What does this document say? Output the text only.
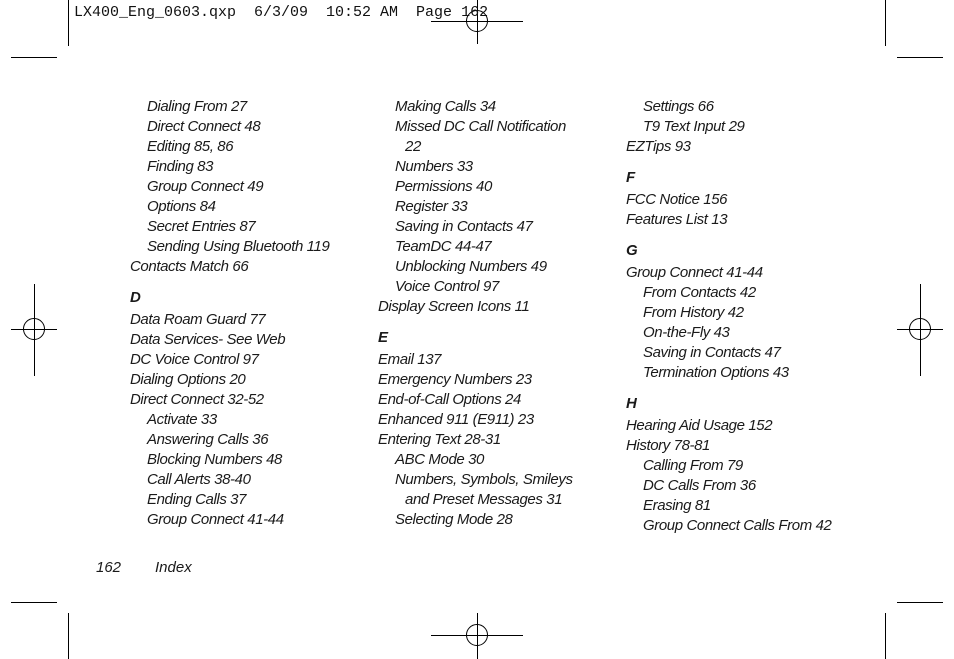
LX400_Eng_0603.qxp  6/3/09  10:52 AM  Page 162
Dialing From 27
Direct Connect 48
Editing 85, 86
Finding 83
Group Connect 49
Options 84
Secret Entries 87
Sending Using Bluetooth 119
Contacts Match 66
D
Data Roam Guard 77
Data Services- See Web
DC Voice Control 97
Dialing Options 20
Direct Connect 32-52
Activate 33
Answering Calls 36
Blocking Numbers 48
Call Alerts 38-40
Ending Calls 37
Group Connect 41-44
Making Calls 34
Missed DC Call Notification
22
Numbers 33
Permissions 40
Register 33
Saving in Contacts 47
TeamDC 44-47
Unblocking Numbers 49
Voice Control 97
Display Screen Icons 11
E
Email 137
Emergency Numbers 23
End-of-Call Options 24
Enhanced 911 (E911) 23
Entering Text 28-31
ABC Mode 30
Numbers, Symbols, Smileys
and Preset Messages 31
Selecting Mode 28
Settings 66
T9 Text Input 29
EZTips 93
F
FCC Notice 156
Features List 13
G
Group Connect 41-44
From Contacts 42
From History 42
On-the-Fly 43
Saving in Contacts 47
Termination Options 43
H
Hearing Aid Usage 152
History 78-81
Calling From 79
DC Calls From 36
Erasing 81
Group Connect Calls From 42
162 Index
